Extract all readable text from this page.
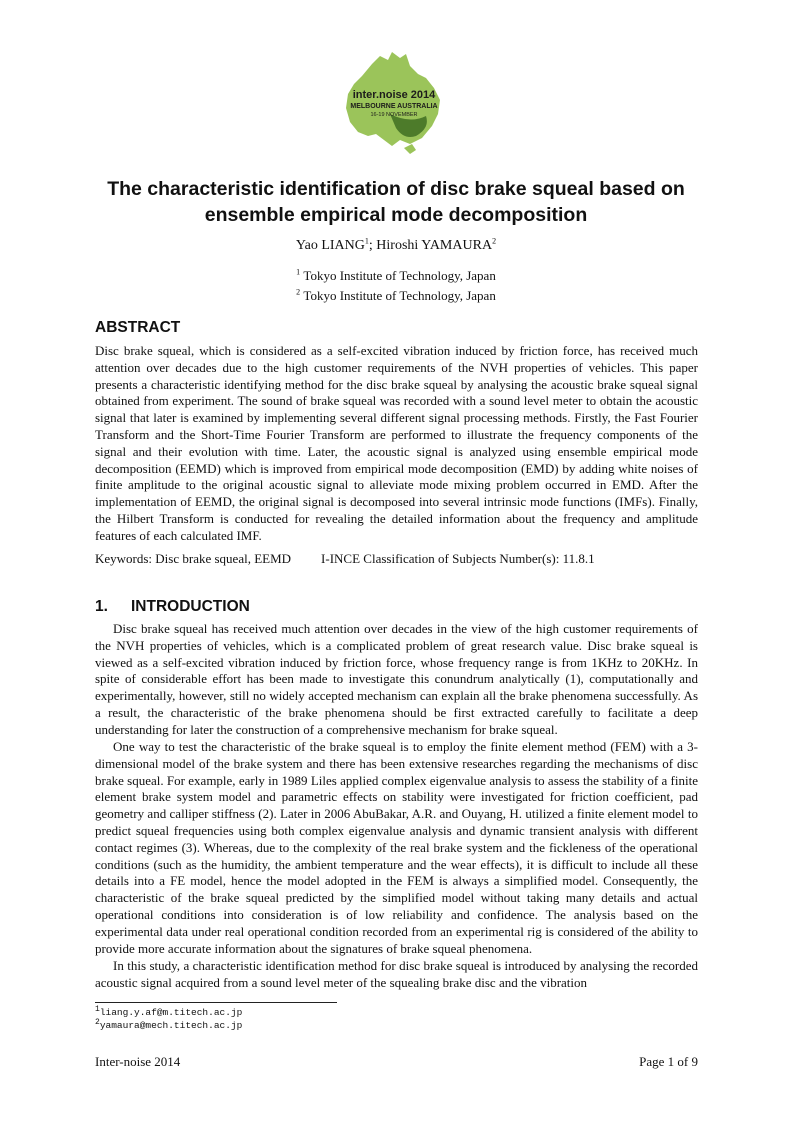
inter.noise 2014
MELBOURNE AUSTRALIA
16-19 NOVEMBER
The characteristic identification of disc brake squeal based on
ensemble empirical mode decomposition
Yao LIANG$^1$; Hiroshi YAMAURA$^2$
$^1$ Tokyo Institute of Technology, Japan
$^2$ Tokyo Institute of Technology, Japan
ABSTRACT

Disc brake squeal, which is considered as a self-excited vibration induced by friction force, has received much attention over decades due to the high customer requirements of the NVH properties of vehicles. This paper presents a characteristic identifying method for the disc brake squeal by analysing the acoustic brake squeal signal obtained from experiment. The sound of brake squeal was recorded with a sound level meter to obtain the acoustic signal that later is examined by implementing several different signal processing methods. Firstly, the Fast Fourier Transform and the Short-Time Fourier Transform are performed to illustrate the frequency components of the signal and their evolution with time. Later, the acoustic signal is analyzed using ensemble empirical mode decomposition (EEMD) which is improved from empirical mode decomposition (EMD) by adding white noises of finite amplitude to the original acoustic signal to alleviate mode mixing problem occurred in EMD. After the implementation of EEMD, the original signal is decomposed into several intrinsic mode functions (IMFs). Finally, the Hilbert Transform is conducted for revealing the detailed information about the frequency and amplitude features of each calculated IMF.

Keywords: Disc brake squeal, EEMD I-INCE Classification of Subjects Number(s): 11.8.1
1. INTRODUCTION

Disc brake squeal has received much attention over decades in the view of the high customer requirements of the NVH properties of vehicles, which is a complicated problem of great research value. Disc brake squeal is viewed as a self-excited vibration induced by friction force, whose frequency range is from 1KHz to 20KHz. In spite of considerable effort has been made to investigate this conundrum analytically (1), computationally and experimentally, however, still no widely accepted mechanism can explain all the brake phenomena successfully. As a result, the characteristic of the brake phenomena should be first extracted carefully to facilitate a deep understanding for later the construction of a comprehensive mechanism for brake squeal.

One way to test the characteristic of the brake squeal is to employ the finite element method (FEM) with a 3-dimensional model of the brake system and there has been extensive researches regarding the mechanisms of disc brake squeal. For example, early in 1989 Liles applied complex eigenvalue analysis to assess the stability of a finite element brake system model and parametric effects on stability were investigated for friction coefficient, pad geometry and calliper stiffness (2). Later in 2006 AbuBakar, A.R. and Ouyang, H. utilized a finite element model to predict squeal frequencies using both complex eigenvalue analysis and dynamic transient analysis with different contact regimes (3). Whereas, due to the complexity of the real brake system and the fickleness of the operational conditions (such as the humidity, the ambient temperature and the wear effects), it is difficult to include all these details into a FE model, hence the model adopted in the FEM is always a simplified model. Consequently, the characteristic of the brake squeal predicted by the simplified model without taking many details and actual operational conditions into consideration is of low reliability and confidence. The analysis based on the experimental data under real operational condition recorded from an experimental rig is considered of the ability to provide more accurate information about the signatures of brake squeal phenomena.

In this study, a characteristic identification method for disc brake squeal is introduced by analysing the recorded acoustic signal acquired from a sound level meter of the squealing brake disc and the vibration

$^1$liang.y.af@m.titech.ac.jp
$^2$yamaura@mech.titech.ac.jp
Inter-noise 2014	Page 1 of 9
